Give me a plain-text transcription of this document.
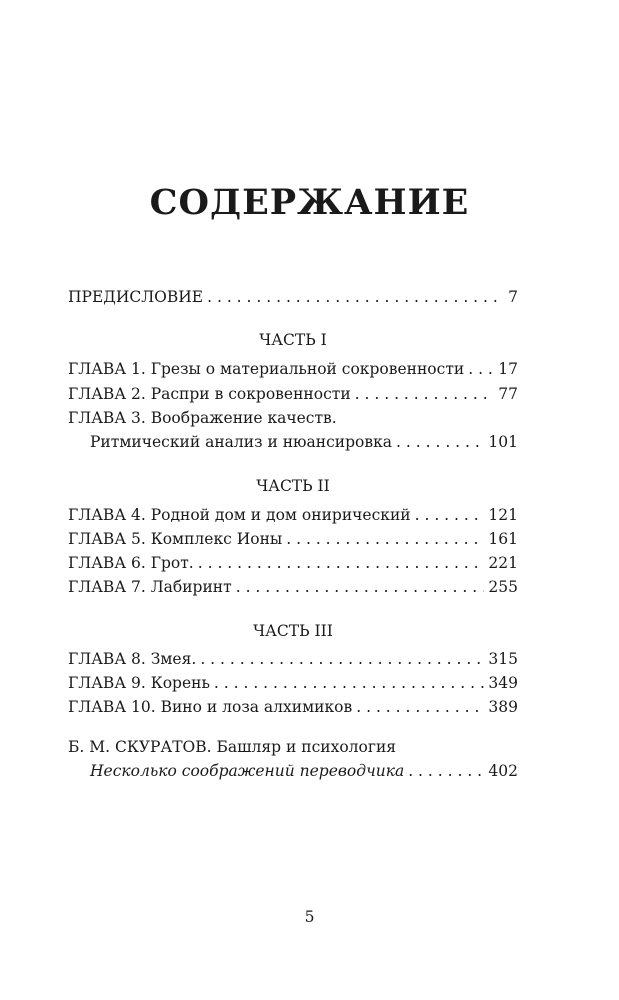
СОДЕРЖАНИЕ
ПРЕДИСЛОВИЕ . . .	7
ЧАСТЬ I
ГЛАВА 1. Грезы о материальной сокровенности . . . 17
ГЛАВА 2. Распри в сокровенности . . .	77
ГЛАВА 3. Воображение качеств.
Ритмический анализ и нюансировка . . .	101
ЧАСТЬ II
ГЛАВА 4. Родной дом и дом онирический . . .	121
ГЛАВА 5. Комплекс Ионы . . .	161
ГЛАВА 6. Грот. . . .	221
ГЛАВА 7. Лабиринт . . .	255
ЧАСТЬ III
ГЛАВА 8. Змея. . . .	315
ГЛАВА 9. Корень . . .	349
ГЛАВА 10. Вино и лоза алхимиков . . .	389
Б. М. СКУРАТОВ. Башляр и психология
Несколько соображений переводчика . . .	402
5
